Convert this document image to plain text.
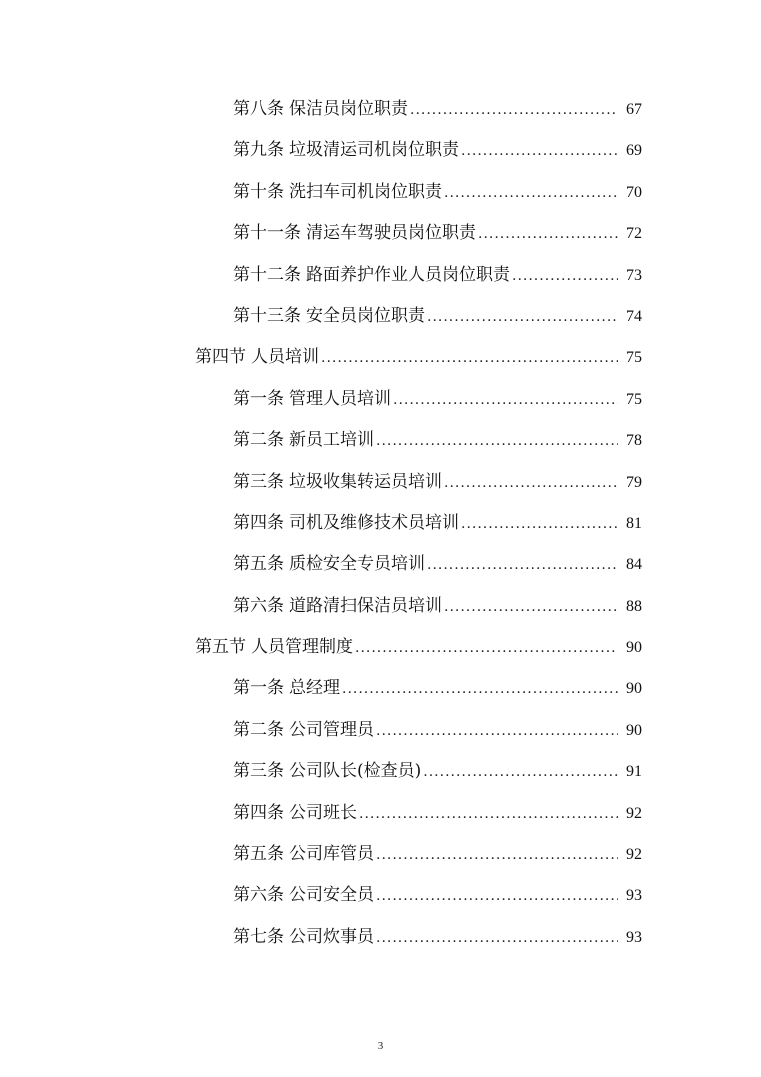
第八条 保洁员岗位职责 .....	67
第九条 垃圾清运司机岗位职责 .....	69
第十条 洗扫车司机岗位职责 .....	70
第十一条 清运车驾驶员岗位职责 .....	72
第十二条 路面养护作业人员岗位职责 .....	73
第十三条 安全员岗位职责 .....	74
第四节 人员培训 .....	75
第一条 管理人员培训 .....	75
第二条 新员工培训 .....	78
第三条 垃圾收集转运员培训 .....	79
第四条 司机及维修技术员培训 .....	81
第五条 质检安全专员培训 .....	84
第六条 道路清扫保洁员培训 .....	88
第五节 人员管理制度 .....	90
第一条 总经理 .....	90
第二条 公司管理员 .....	90
第三条 公司队长(检查员) .....	91
第四条 公司班长 .....	92
第五条 公司库管员 .....	92
第六条 公司安全员 .....	93
第七条 公司炊事员 .....	93
3
